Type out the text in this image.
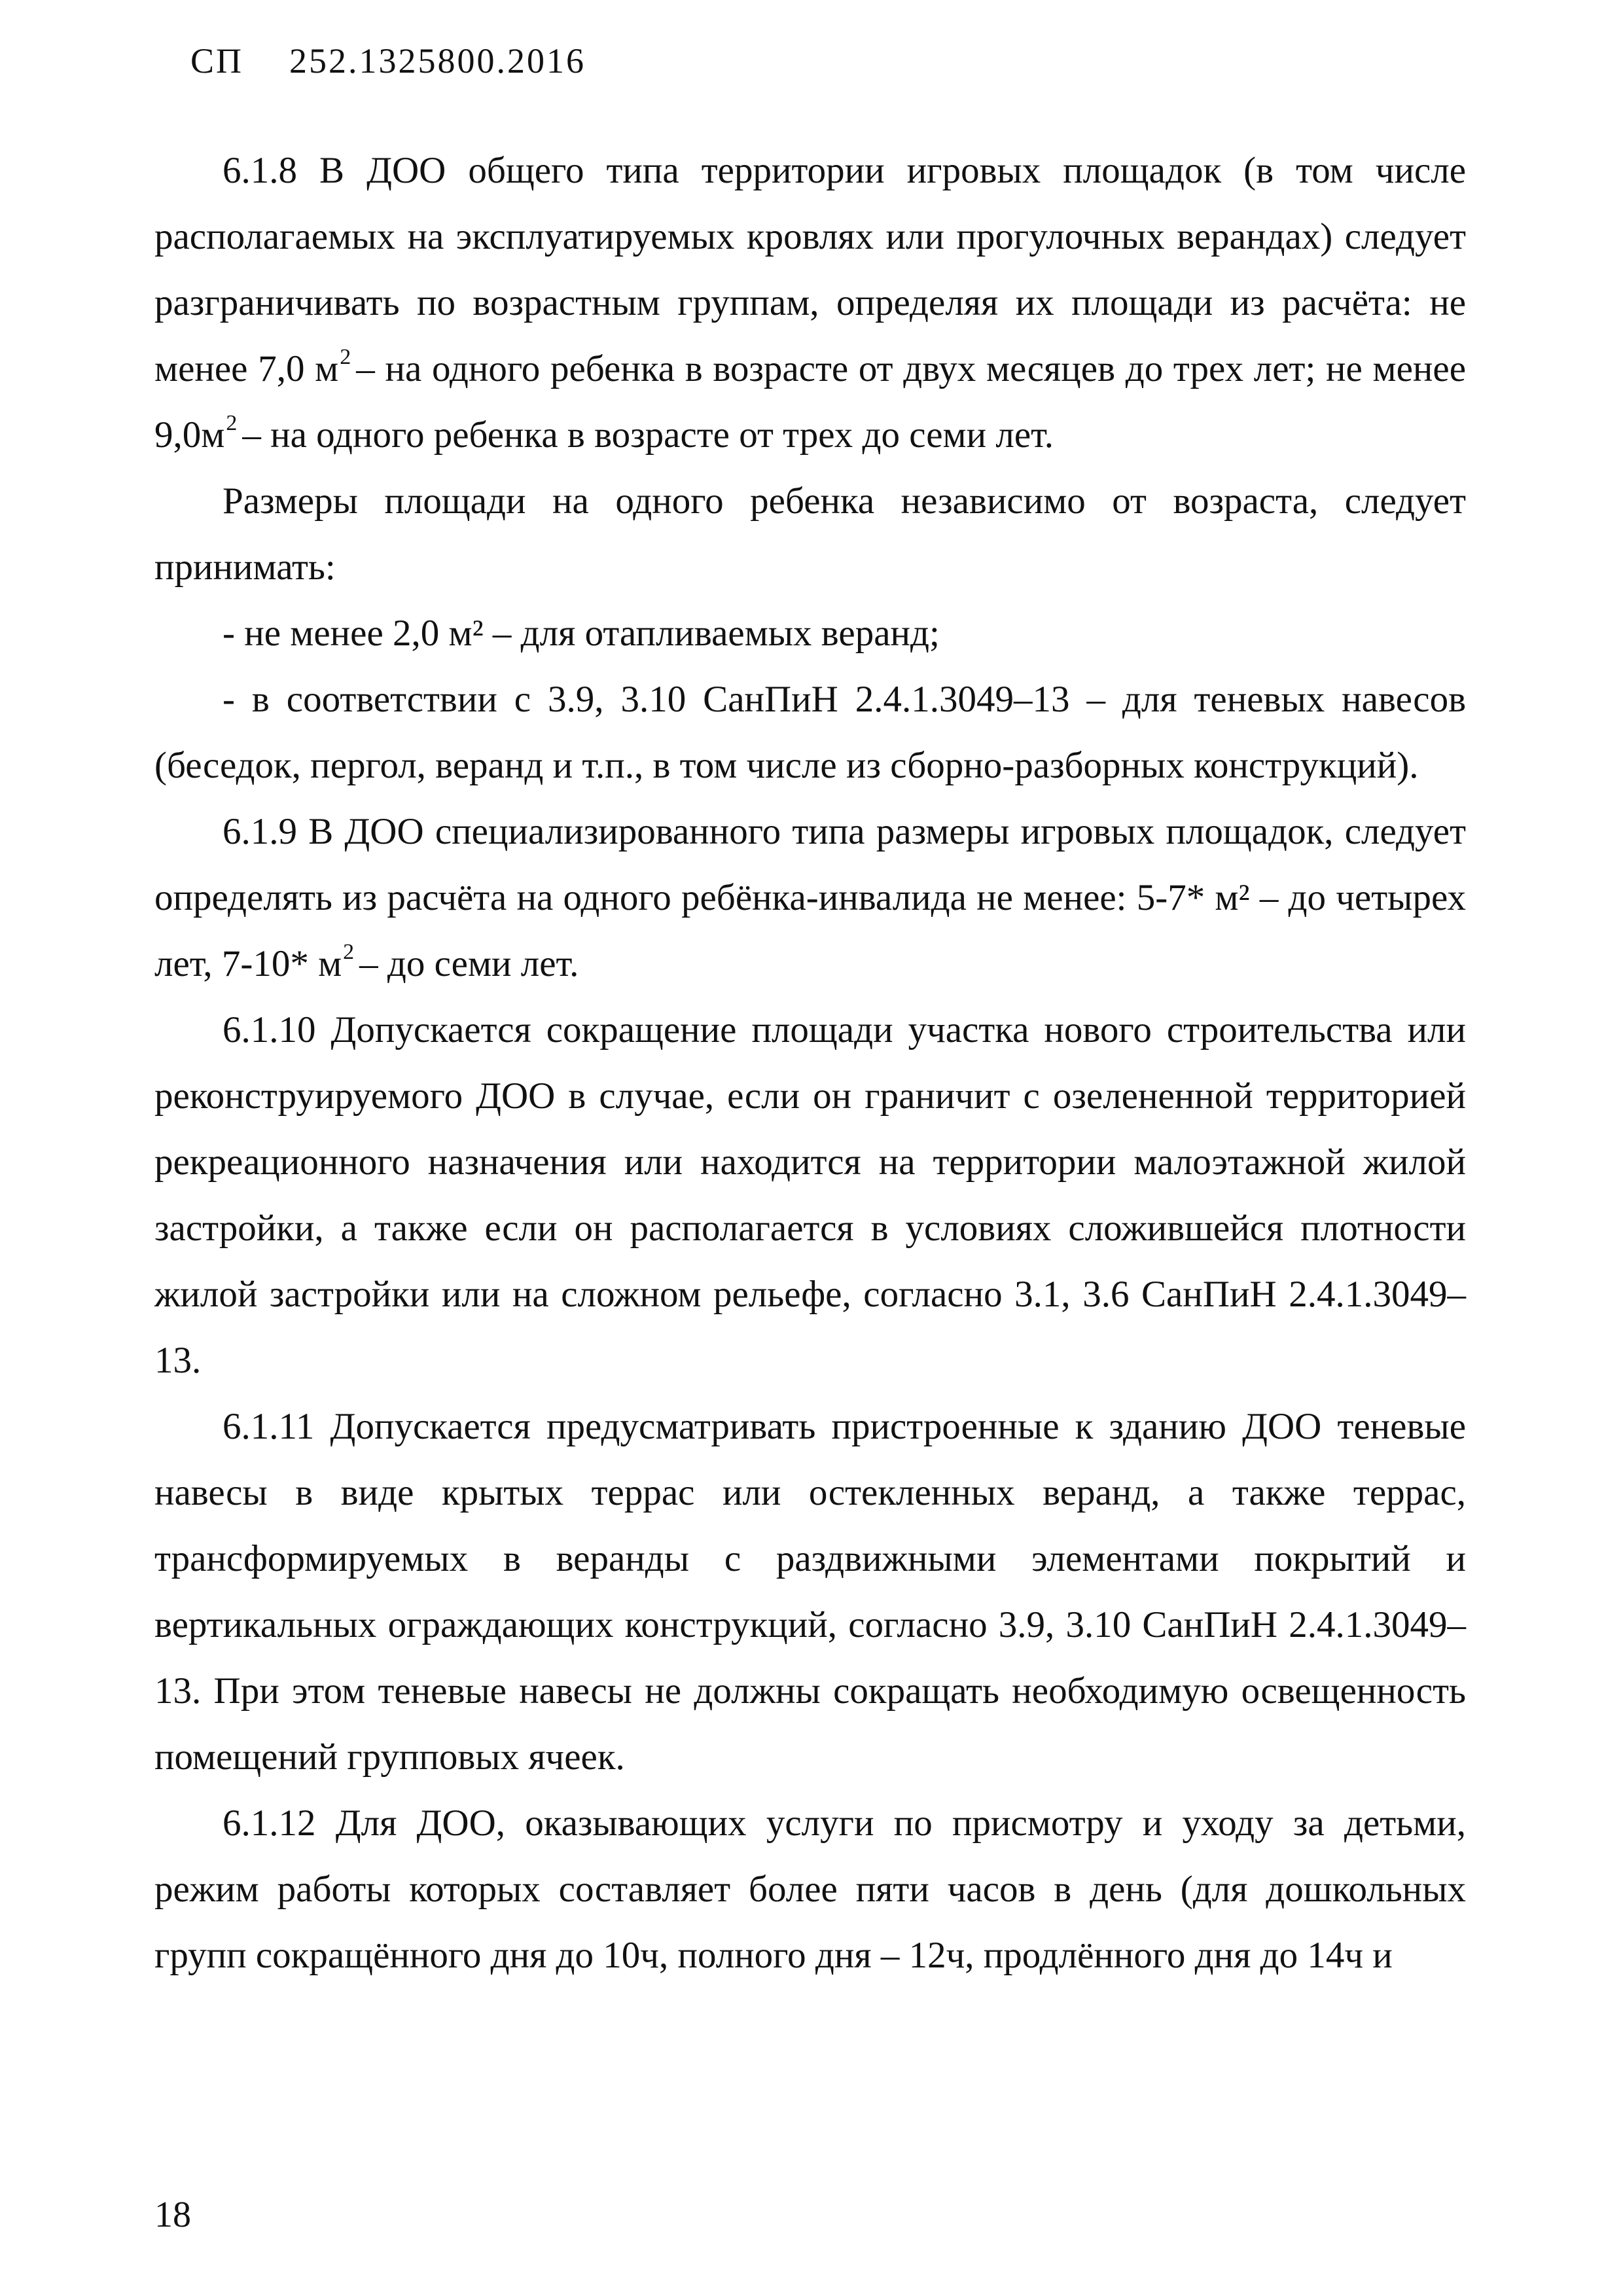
СП 252.1325800.2016

6.1.8 В ДОО общего типа территории игровых площадок (в том числе располагаемых на эксплуатируемых кровлях или прогулочных верандах) следует разграничивать по возрастным группам, определяя их площади из расчёта: не менее 7,0 $м^2$ – на одного ребенка в возрасте от двух месяцев до трех лет; не менее $9,0м^2$ – на одного ребенка в возрасте от трех до семи лет.

Размеры площади на одного ребенка независимо от возраста, следует принимать:

- не менее 2,0 м² – для отапливаемых веранд;

- в соответствии с 3.9, 3.10 СанПиН 2.4.1.3049–13 – для теневых навесов (беседок, пергол, веранд и т.п., в том числе из сборно-разборных конструкций).

6.1.9 В ДОО специализированного типа размеры игровых площадок, следует определять из расчёта на одного ребёнка-инвалида не менее: 5-7* м² – до четырех лет, 7-10* $м^2$ – до семи лет.

6.1.10 Допускается сокращение площади участка нового строительства или реконструируемого ДОО в случае, если он граничит с озелененной территорией рекреационного назначения или находится на территории малоэтажной жилой застройки, а также если он располагается в условиях сложившейся плотности жилой застройки или на сложном рельефе, согласно 3.1, 3.6 СанПиН 2.4.1.3049–13.

6.1.11 Допускается предусматривать пристроенные к зданию ДОО теневые навесы в виде крытых террас или остекленных веранд, а также террас, трансформируемых в веранды с раздвижными элементами покрытий и вертикальных ограждающих конструкций, согласно 3.9, 3.10 СанПиН 2.4.1.3049–13. При этом теневые навесы не должны сокращать необходимую освещенность помещений групповых ячеек.

6.1.12 Для ДОО, оказывающих услуги по присмотру и уходу за детьми, режим работы которых составляет более пяти часов в день (для дошкольных групп сокращённого дня до 10ч, полного дня – 12ч, продлённого дня до 14ч и

18
